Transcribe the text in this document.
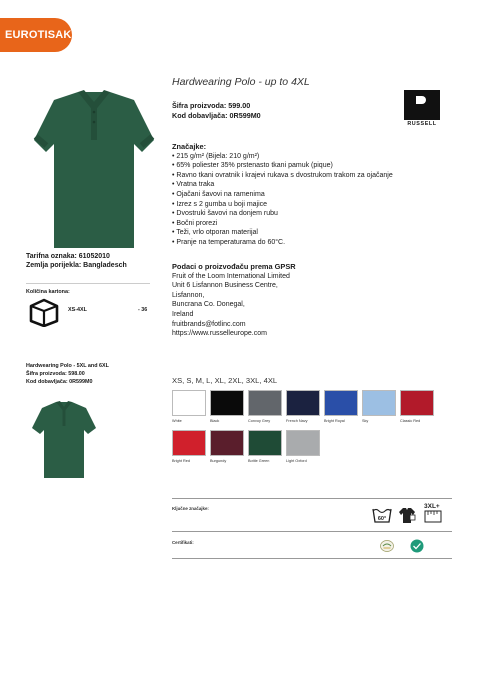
EUROTISAK
Hardwearing Polo - up to 4XL
Šifra proizvoda: 599.00
Kod dobavljača: 0R599M0
RUSSELL
Značajke:
• 215 g/m² (Bijela: 210 g/m²)
• 65% poliester 35% prstenasto tkani pamuk (pique)
• Ravno tkani ovratnik i krajevi rukava s dvostrukom trakom za ojačanje
• Vratna traka
• Ojačani šavovi na ramenima
• Izrez s 2 gumba u boji majice
• Dvostruki šavovi na donjem rubu
• Bočni prorezi
• Teži, vrlo otporan materijal
• Pranje na temperaturama do 60°C.
Podaci o proizvođaču prema GPSR
Fruit of the Loom International Limited
Unit 6 Lisfannon Business Centre,
Lisfannon,
Buncrana Co. Donegal,
Ireland
fruitbrands@fotlinc.com
https://www.russelleurope.com
Tarifna oznaka: 61052010
Zemlja porijekla: Bangladesch
Količina kartona:
XS-4XL	- 36
Hardwearing Polo - 5XL and 6XL
Šifra proizvoda: 598.00
Kod dobavljača: 0R599M0	XS, S, M, L, XL, 2XL, 3XL, 4XL
White	Black	Convoy Grey	French Navy	Bright Royal	Sky	Classic Red
Bright Red	Burgundy	Bottle Green	Light Oxford
Ključne značajke:
60°
3XL+
Certifikati:
